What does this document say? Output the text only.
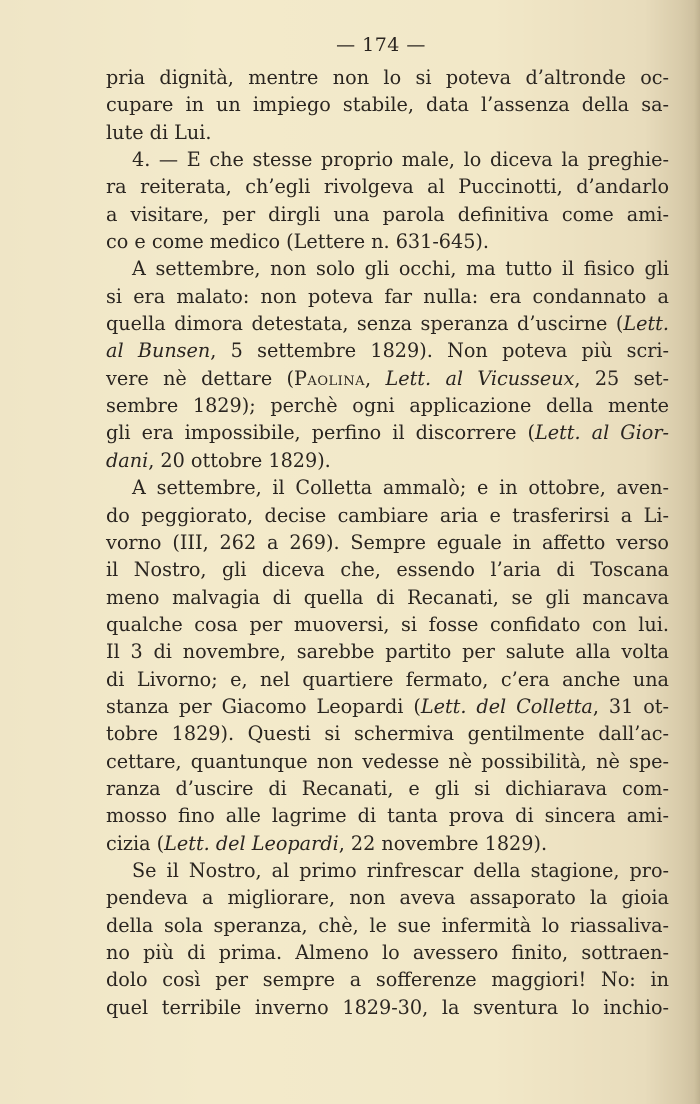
— 174 —
pria dignità, mentre non lo si poteva d’altronde oc-
cupare in un impiego stabile, data l’assenza della sa-
lute di Lui.
4. — E che stesse proprio male, lo diceva la preghie-
ra reiterata, ch’egli rivolgeva al Puccinotti, d’andarlo
a visitare, per dirgli una parola definitiva come ami-
co e come medico (Lettere n. 631-645).
A settembre, non solo gli occhi, ma tutto il fisico gli
si era malato: non poteva far nulla: era condannato a
quella dimora detestata, senza speranza d’uscirne (Lett.
al Bunsen, 5 settembre 1829). Non poteva più scri-
vere nè dettare (Paolina, Lett. al Vicusseux, 25 set-
sembre 1829); perchè ogni applicazione della mente
gli era impossibile, perfino il discorrere (Lett. al Gior-
dani, 20 ottobre 1829).
A settembre, il Colletta ammalò; e in ottobre, aven-
do peggiorato, decise cambiare aria e trasferirsi a Li-
vorno (III, 262 a 269). Sempre eguale in affetto verso
il Nostro, gli diceva che, essendo l’aria di Toscana
meno malvagia di quella di Recanati, se gli mancava
qualche cosa per muoversi, si fosse confidato con lui.
Il 3 di novembre, sarebbe partito per salute alla volta
di Livorno; e, nel quartiere fermato, c’era anche una
stanza per Giacomo Leopardi (Lett. del Colletta, 31 ot-
tobre 1829). Questi si schermiva gentilmente dall’ac-
cettare, quantunque non vedesse nè possibilità, nè spe-
ranza d’uscire di Recanati, e gli si dichiarava com-
mosso fino alle lagrime di tanta prova di sincera ami-
cizia (Lett. del Leopardi, 22 novembre 1829).
Se il Nostro, al primo rinfrescar della stagione, pro-
pendeva a migliorare, non aveva assaporato la gioia
della sola speranza, chè, le sue infermità lo riassaliva-
no più di prima. Almeno lo avessero finito, sottraen-
dolo così per sempre a sofferenze maggiori! No: in
quel terribile inverno 1829-30, la sventura lo inchio-
